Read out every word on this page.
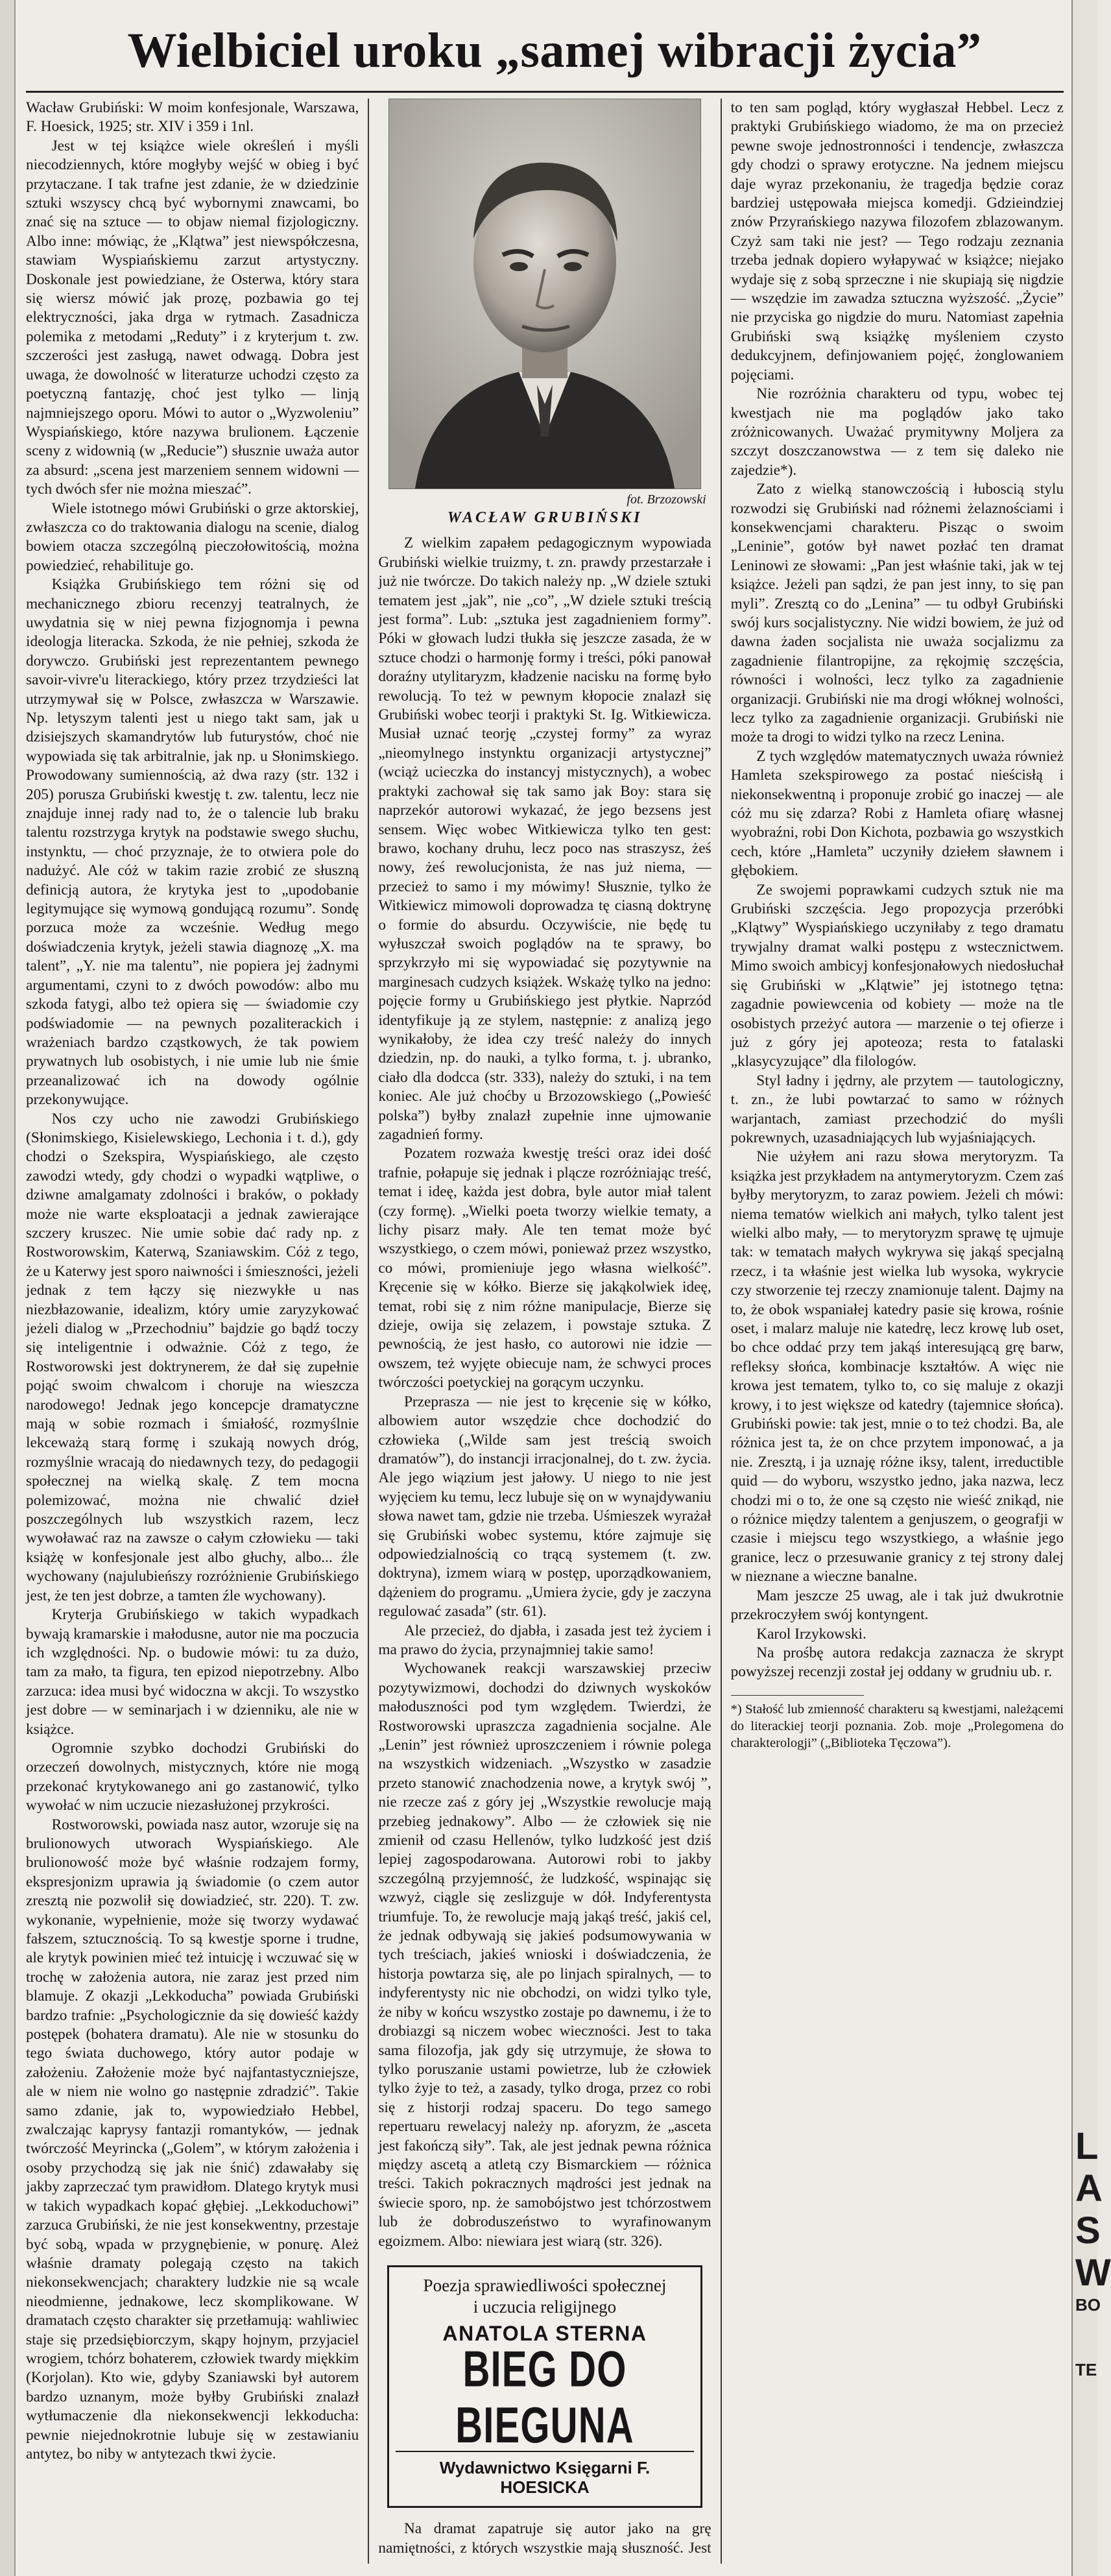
L
A
S
W
BO
TE
Wielbiciel uroku „samej wibracji życia”

Wacław Grubiński: W moim konfesjonale, Warszawa, F. Hoesick, 1925; str. XIV i 359 i 1nl.

Jest w tej książce wiele określeń i myśli niecodziennych, które mogłyby wejść w obieg i być przytaczane. I tak trafne jest zdanie, że w dziedzinie sztuki wszyscy chcą być wybornymi znawcami, bo znać się na sztuce — to objaw niemal fizjologiczny. Albo inne: mówiąc, że „Klątwa” jest niewspółczesna, stawiam Wyspiańskiemu zarzut artystyczny. Doskonale jest powiedziane, że Osterwa, który stara się wiersz mówić jak prozę, pozbawia go tej elektryczności, jaka drga w rytmach. Zasadnicza polemika z metodami „Reduty” i z kryterjum t. zw. szczerości jest zasługą, nawet odwagą. Dobra jest uwaga, że dowolność w literaturze uchodzi często za poetyczną fantazję, choć jest tylko — linją najmniejszego oporu. Mówi to autor o „Wyzwoleniu” Wyspiańskiego, które nazywa brulionem. Łączenie sceny z widownią (w „Reducie”) słusznie uważa autor za absurd: „scena jest marzeniem sennem widowni — tych dwóch sfer nie można mieszać”.

Wiele istotnego mówi Grubiński o grze aktorskiej, zwłaszcza co do traktowania dialogu na scenie, dialog bowiem otacza szczególną pieczołowitością, można powiedzieć, rehabilituje go.

Książka Grubińskiego tem różni się od mechanicznego zbioru recenzyj teatralnych, że uwydatnia się w niej pewna fizjognomja i pewna ideologja literacka. Szkoda, że nie pełniej, szkoda że dorywczo. Grubiński jest reprezentantem pewnego savoir-vivre'u literackiego, który przez trzydzieści lat utrzymywał się w Polsce, zwłaszcza w Warszawie. Np. letyszym talenti jest u niego takt sam, jak u dzisiejszych skamandrytów lub futurystów, choć nie wypowiada się tak arbitralnie, jak np. u Słonimskiego. Prowodowany sumiennością, aż dwa razy (str. 132 i 205) porusza Grubiński kwestję t. zw. talentu, lecz nie znajduje innej rady nad to, że o talencie lub braku talentu rozstrzyga krytyk na podstawie swego słuchu, instynktu, — choć przyznaje, że to otwiera pole do nadużyć. Ale cóż w takim razie zrobić ze słuszną definicją autora, że krytyka jest to „upodobanie legitymujące się wymową gondującą rozumu”. Sondę porzuca może za wcześnie. Według mego doświadczenia krytyk, jeżeli stawia diagnozę „X. ma talent”, „Y. nie ma talentu”, nie popiera jej żadnymi argumentami, czyni to z dwóch powodów: albo mu szkoda fatygi, albo też opiera się — świadomie czy podświadomie — na pewnych pozaliterackich i wrażeniach bardzo cząstkowych, że tak powiem prywatnych lub osobistych, i nie umie lub nie śmie przeanalizować ich na dowody ogólnie przekonywujące.

Nos czy ucho nie zawodzi Grubińskiego (Słonimskiego, Kisielewskiego, Lechonia i t. d.), gdy chodzi o Szekspira, Wyspiańskiego, ale często zawodzi wtedy, gdy chodzi o wypadki wątpliwe, o dziwne amalgamaty zdolności i braków, o pokłady może nie warte eksploatacji a jednak zawierające szczery kruszec. Nie umie sobie dać rady np. z Rostworowskim, Katerwą, Szaniawskim. Cóż z tego, że u Katerwy jest sporo naiwności i śmieszności, jeżeli jednak z tem łączy się niezwykłe u nas niezbłazowanie, idealizm, który umie zaryzykować jeżeli dialog w „Przechodniu” bajdzie go bądź toczy się inteligentnie i odważnie. Cóż z tego, że Rostworowski jest doktrynerem, że dał się zupełnie pojąć swoim chwalcom i choruje na wieszcza narodowego! Jednak jego koncepcje dramatyczne mają w sobie rozmach i śmiałość, rozmyślnie lekceważą starą formę i szukają nowych dróg, rozmyślnie wracają do niedawnych tezy, do pedagogii społecznej na wielką skalę. Z tem mocna polemizować, można nie chwalić dzieł poszczególnych lub wszystkich razem, lecz wywoławać raz na zawsze o całym człowieku — taki książę w konfesjonale jest albo głuchy, albo... źle wychowany (najulubieńszy rozróżnienie Grubińskiego jest, że ten jest dobrze, a tamten źle wychowany).

Kryterja Grubińskiego w takich wypadkach bywają kramarskie i małodusne, autor nie ma poczucia ich względności. Np. o budowie mówi: tu za dużo, tam za mało, ta figura, ten epizod niepotrzebny. Albo zarzuca: idea musi być widoczna w akcji. To wszystko jest dobre — w seminarjach i w dzienniku, ale nie w książce.

Ogromnie szybko dochodzi Grubiński do orzeczeń dowolnych, mistycznych, które nie mogą przekonać krytykowanego ani go zastanowić, tylko wywołać w nim uczucie niezasłużonej przykrości.

Rostworowski, powiada nasz autor, wzoruje się na brulionowych utworach Wyspiańskiego. Ale brulionowość może być właśnie rodzajem formy, ekspresjonizm uprawia ją świadomie (o czem autor zresztą nie pozwolił się dowiadzieć, str. 220). T. zw. wykonanie, wypełnienie, może się tworzy wydawać fałszem, sztucznością. To są kwestje sporne i trudne, ale krytyk powinien mieć też intuicję i wczuwać się w trochę w założenia autora, nie zaraz jest przed nim blamuje. Z okazji „Lekkoducha” powiada Grubiński bardzo trafnie: „Psychologicznie da się dowieść każdy postępek (bohatera dramatu). Ale nie w stosunku do tego świata duchowego, który autor podaje w założeniu. Założenie może być najfantastyczniejsze, ale w niem nie wolno go następnie zdradzić”. Takie samo zdanie, jak to, wypowiedziało Hebbel, zwalczając kaprysy fantazji romantyków, — jednak twórczość Meyrincka („Golem”, w którym założenia i osoby przychodzą się jak nie śnić) zdawałaby się jakby zaprzeczać tym prawidłom. Dlatego krytyk musi w takich wypadkach kopać głębiej. „Lekkoduchowi” zarzuca Grubiński, że nie jest konsekwentny, przestaje być sobą, wpada w przygnębienie, w ponurę. Ależ właśnie dramaty polegają często na takich niekonsekwencjach; charaktery ludzkie nie są wcale nieodmienne, jednakowe, lecz skomplikowane. W dramatach często charakter się przetłamują: wahliwiec staje się przedsiębiorczym, skąpy hojnym, przyjaciel wrogiem, tchórz bohaterem, człowiek twardy miękkim (Korjolan). Kto wie, gdyby Szaniawski był autorem bardzo uznanym, może byłby Grubiński znalazł wytłumaczenie dla niekonsekwencji lekkoducha: pewnie niejednokrotnie lubuje się w zestawianiu antytez, bo niby w antytezach tkwi życie.

fot. Brzozowski
WACŁAW GRUBIŃSKI

Z wielkim zapałem pedagogicznym wypowiada Grubiński wielkie truizmy, t. zn. prawdy przestarzałe i już nie twórcze. Do takich należy np. „W dziele sztuki tematem jest „jak”, nie „co”, „W dziele sztuki treścią jest forma”. Lub: „sztuka jest zagadnieniem formy”. Póki w głowach ludzi tłukła się jeszcze zasada, że w sztuce chodzi o harmonję formy i treści, póki panował doraźny utylitaryzm, kładzenie nacisku na formę było rewolucją. To też w pewnym kłopocie znalazł się Grubiński wobec teorji i praktyki St. Ig. Witkiewicza. Musiał uznać teorję „czystej formy” za wyraz „nieomylnego instynktu organizacji artystycznej” (wciąż ucieczka do instancyj mistycznych), a wobec praktyki zachował się tak samo jak Boy: stara się naprzekór autorowi wykazać, że jego bezsens jest sensem. Więc wobec Witkiewicza tylko ten gest: brawo, kochany druhu, lecz poco nas straszysz, żeś nowy, żeś rewolucjonista, że nas już niema, — przecież to samo i my mówimy! Słusznie, tylko że Witkiewicz mimowoli doprowadza tę ciasną doktrynę o formie do absurdu. Oczywiście, nie będę tu wyłuszczał swoich poglądów na te sprawy, bo sprzykrzyło mi się wypowiadać się pozytywnie na marginesach cudzych książek. Wskażę tylko na jedno: pojęcie formy u Grubińskiego jest płytkie. Naprzód identyfikuje ją ze stylem, następnie: z analizą jego wynikałoby, że idea czy treść należy do innych dziedzin, np. do nauki, a tylko forma, t. j. ubranko, ciało dla dodcca (str. 333), należy do sztuki, i na tem koniec. Ale już choćby u Brzozowskiego („Powieść polska”) byłby znalazł zupełnie inne ujmowanie zagadnień formy.

Pozatem rozważa kwestję treści oraz idei dość trafnie, połapuje się jednak i plącze rozróżniając treść, temat i ideę, każda jest dobra, byle autor miał talent (czy formę). „Wielki poeta tworzy wielkie tematy, a lichy pisarz mały. Ale ten temat może być wszystkiego, o czem mówi, ponieważ przez wszystko, co mówi, promieniuje jego własna wielkość”. Kręcenie się w kółko. Bierze się jakąkolwiek ideę, temat, robi się z nim różne manipulacje, Bierze się dzieje, owija się zelazem, i powstaje sztuka. Z pewnością, że jest hasło, co autorowi nie idzie — owszem, też wyjęte obiecuje nam, że schwyci proces twórczości poetyckiej na gorącym uczynku.

Przeprasza — nie jest to kręcenie się w kółko, albowiem autor wszędzie chce dochodzić do człowieka („Wilde sam jest treścią swoich dramatów”), do instancji irracjonalnej, do t. zw. życia. Ale jego wiązium jest jałowy. U niego to nie jest wyjęciem ku temu, lecz lubuje się on w wynajdywaniu słowa nawet tam, gdzie nie trzeba. Uśmieszek wyrażał się Grubiński wobec systemu, które zajmuje się odpowiedzialnością co trącą systemem (t. zw. doktryna), izmem wiarą w postęp, uporządkowaniem, dążeniem do programu. „Umiera życie, gdy je zaczyna regulować zasada” (str. 61).

Ale przecież, do djabła, i zasada jest też życiem i ma prawo do życia, przynajmniej takie samo!

Wychowanek reakcji warszawskiej przeciw pozytywizmowi, dochodzi do dziwnych wyskoków małoduszności pod tym względem. Twierdzi, że Rostworowski upraszcza zagadnienia socjalne. Ale „Lenin” jest również uproszczeniem i równie polega na wszystkich widzeniach. „Wszystko w zasadzie przeto stanowić znachodzenia nowe, a krytyk swój ”, nie rzecze zaś z góry jej „Wszystkie rewolucje mają przebieg jednakowy”. Albo — że człowiek się nie zmienił od czasu Hellenów, tylko ludzkość jest dziś lepiej zagospodarowana. Autorowi robi to jakby szczególną przyjemność, że ludzkość, wspinając się wzwyż, ciągle się zeslizguje w dół. Indyferentysta triumfuje. To, że rewolucje mają jakąś treść, jakiś cel, że jednak odbywają się jakieś podsumowywania w tych treściach, jakieś wnioski i doświadczenia, że historja powtarza się, ale po linjach spiralnych, — to indyferentysty nic nie obchodzi, on widzi tylko tyle, że niby w końcu wszystko zostaje po dawnemu, i że to drobiazgi są niczem wobec wieczności. Jest to taka sama filozofja, jak gdy się utrzymuje, że słowa to tylko poruszanie ustami powietrze, lub że człowiek tylko żyje to też, a zasady, tylko droga, przez co robi się z historji rodzaj spaceru. Do tego samego repertuaru rewelacyj należy np. aforyzm, że „asceta jest fakończą siły”. Tak, ale jest jednak pewna różnica między ascetą a atletą czy Bismarckiem — różnica treści. Takich pokracznych mądrości jest jednak na świecie sporo, np. że samobójstwo jest tchórzostwem lub że dobroduszeństwo to wyrafinowanym egoizmem. Albo: niewiara jest wiarą (str. 326).

Poezja sprawiedliwości społecznej
i uczucia religijnego
ANATOLA STERNA
BIEG DO BIEGUNA
Wydawnictwo Księgarni F. HOESICKA

Na dramat zapatruje się autor jako na grę namiętności, z których wszystkie mają słuszność. Jest to ten sam pogląd, który wygłaszał Hebbel. Lecz z praktyki Grubińskiego wiadomo, że ma on przecież pewne swoje jednostronności i tendencje, zwłaszcza gdy chodzi o sprawy erotyczne. Na jednem miejscu daje wyraz przekonaniu, że tragedja będzie coraz bardziej ustępowała miejsca komedji. Gdzieindziej znów Przyrańskiego nazywa filozofem zblazowanym. Czyż sam taki nie jest? — Tego rodzaju zeznania trzeba jednak dopiero wyłapywać w książce; niejako wydaje się z sobą sprzeczne i nie skupiają się nigdzie — wszędzie im zawadza sztuczna wyższość. „Życie” nie przyciska go nigdzie do muru. Natomiast zapełnia Grubiński swą książkę myśleniem czysto dedukcyjnem, definjowaniem pojęć, żonglowaniem pojęciami.

Nie rozróżnia charakteru od typu, wobec tej kwestjach nie ma poglądów jako tako zróżnicowanych. Uważać prymitywny Moljera za szczyt doszczanowstwa — z tem się daleko nie zajedzie*).

Zato z wielką stanowczością i łuboscią stylu rozwodzi się Grubiński nad różnemi żelaznościami i konsekwencjami charakteru. Pisząc o swoim „Leninie”, gotów był nawet pozłać ten dramat Leninowi ze słowami: „Pan jest właśnie taki, jak w tej książce. Jeżeli pan sądzi, że pan jest inny, to się pan myli”. Zresztą co do „Lenina” — tu odbył Grubiński swój kurs socjalistyczny. Nie widzi bowiem, że już od dawna żaden socjalista nie uważa socjalizmu za zagadnienie filantropijne, za rękojmię szczęścia, równości i wolności, lecz tylko za zagadnienie organizacji. Grubiński nie ma drogi włóknej wolności, lecz tylko za zagadnienie organizacji. Grubiński nie może ta drogi to widzi tylko na rzecz Lenina.

Z tych względów matematycznych uważa również Hamleta szekspirowego za postać nieścisłą i niekonsekwentną i proponuje zrobić go inaczej — ale cóż mu się zdarza? Robi z Hamleta ofiarę własnej wyobraźni, robi Don Kichota, pozbawia go wszystkich cech, które „Hamleta” uczyniły dziełem sławnem i głębokiem.

Ze swojemi poprawkami cudzych sztuk nie ma Grubiński szczęścia. Jego propozycja przeróbki „Klątwy” Wyspiańskiego uczyniłaby z tego dramatu trywjalny dramat walki postępu z wstecznictwem. Mimo swoich ambicyj konfesjonałowych niedosłuchał się Grubiński w „Klątwie” jej istotnego tętna: zagadnie powiewcenia od kobiety — może na tle osobistych przeżyć autora — marzenie o tej ofierze i już z góry jej apoteoza; resta to fatalaski „klasycyzujące” dla filologów.

Styl ładny i jędrny, ale przytem — tautologiczny, t. zn., że lubi powtarzać to samo w różnych warjantach, zamiast przechodzić do myśli pokrewnych, uzasadniających lub wyjaśniających.

Nie użyłem ani razu słowa merytoryzm. Ta książka jest przykładem na antymerytoryzm. Czem zaś byłby merytoryzm, to zaraz powiem. Jeżeli ch mówi: niema tematów wielkich ani małych, tylko talent jest wielki albo mały, — to merytoryzm sprawę tę ujmuje tak: w tematach małych wykrywa się jakąś specjalną rzecz, i ta właśnie jest wielka lub wysoka, wykrycie czy stworzenie tej rzeczy znamionuje talent. Dajmy na to, że obok wspaniałej katedry pasie się krowa, rośnie oset, i malarz maluje nie katedrę, lecz krowę lub oset, bo chce oddać przy tem jakąś interesującą grę barw, refleksy słońca, kombinacje kształtów. A więc nie krowa jest tematem, tylko to, co się maluje z okazji krowy, i to jest większe od katedry (tajemnice słońca). Grubiński powie: tak jest, mnie o to też chodzi. Ba, ale różnica jest ta, że on chce przytem imponować, a ja nie. Zresztą, i ja uznaję różne iksy, talent, irreductible quid — do wyboru, wszystko jedno, jaka nazwa, lecz chodzi mi o to, że one są często nie wieść znikąd, nie o różnice między talentem a genjuszem, o geografji w czasie i miejscu tego wszystkiego, a właśnie jego granice, lecz o przesuwanie granicy z tej strony dalej w nieznane a wieczne banalne.

Mam jeszcze 25 uwag, ale i tak już dwukrotnie przekroczyłem swój kontyngent.

Karol Irzykowski.

Na prośbę autora redakcja zaznacza że skrypt powyższej recenzji został jej oddany w grudniu ub. r.

*) Stałość lub zmienność charakteru są kwestjami, należącemi do literackiej teorji poznania. Zob. moje „Prolegomena do charakterologji” („Biblioteka Tęczowa”).
